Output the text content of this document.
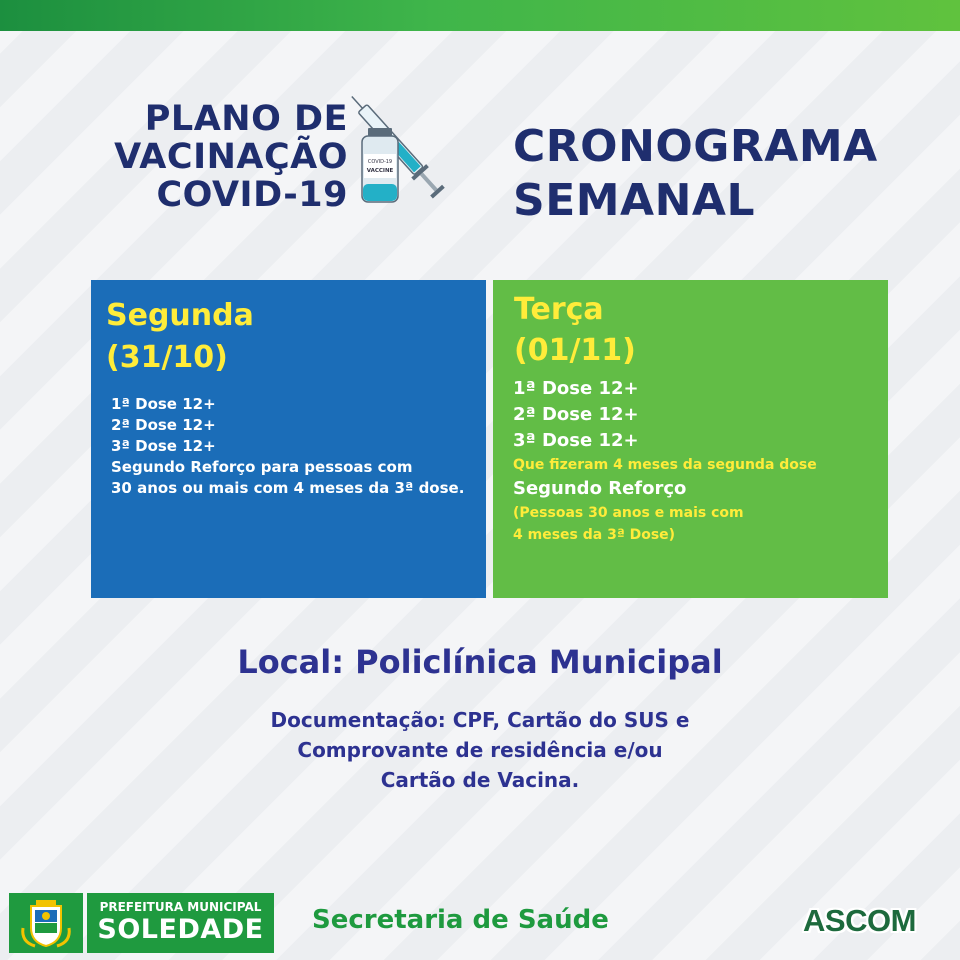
PLANO DE
VACINAÇÃO
COVID-19
COVID-19
VACCINE	CRONOGRAMA
SEMANAL
Segunda
(31/10)
1ª Dose 12+
2ª Dose 12+
3ª Dose 12+
Segundo Reforço para pessoas com
30 anos ou mais com 4 meses da 3ª dose.
Terça
(01/11)
1ª Dose 12+
2ª Dose 12+
3ª Dose 12+
Que fizeram 4 meses da segunda dose
Segundo Reforço
(Pessoas 30 anos e mais com
4 meses da 3ª Dose)
Local: Policlínica Municipal
Documentação: CPF, Cartão do SUS e
Comprovante de residência e/ou
Cartão de Vacina.
PREFEITURA MUNICIPAL
SOLEDADE	Secretaria de Saúde	ASCOM
